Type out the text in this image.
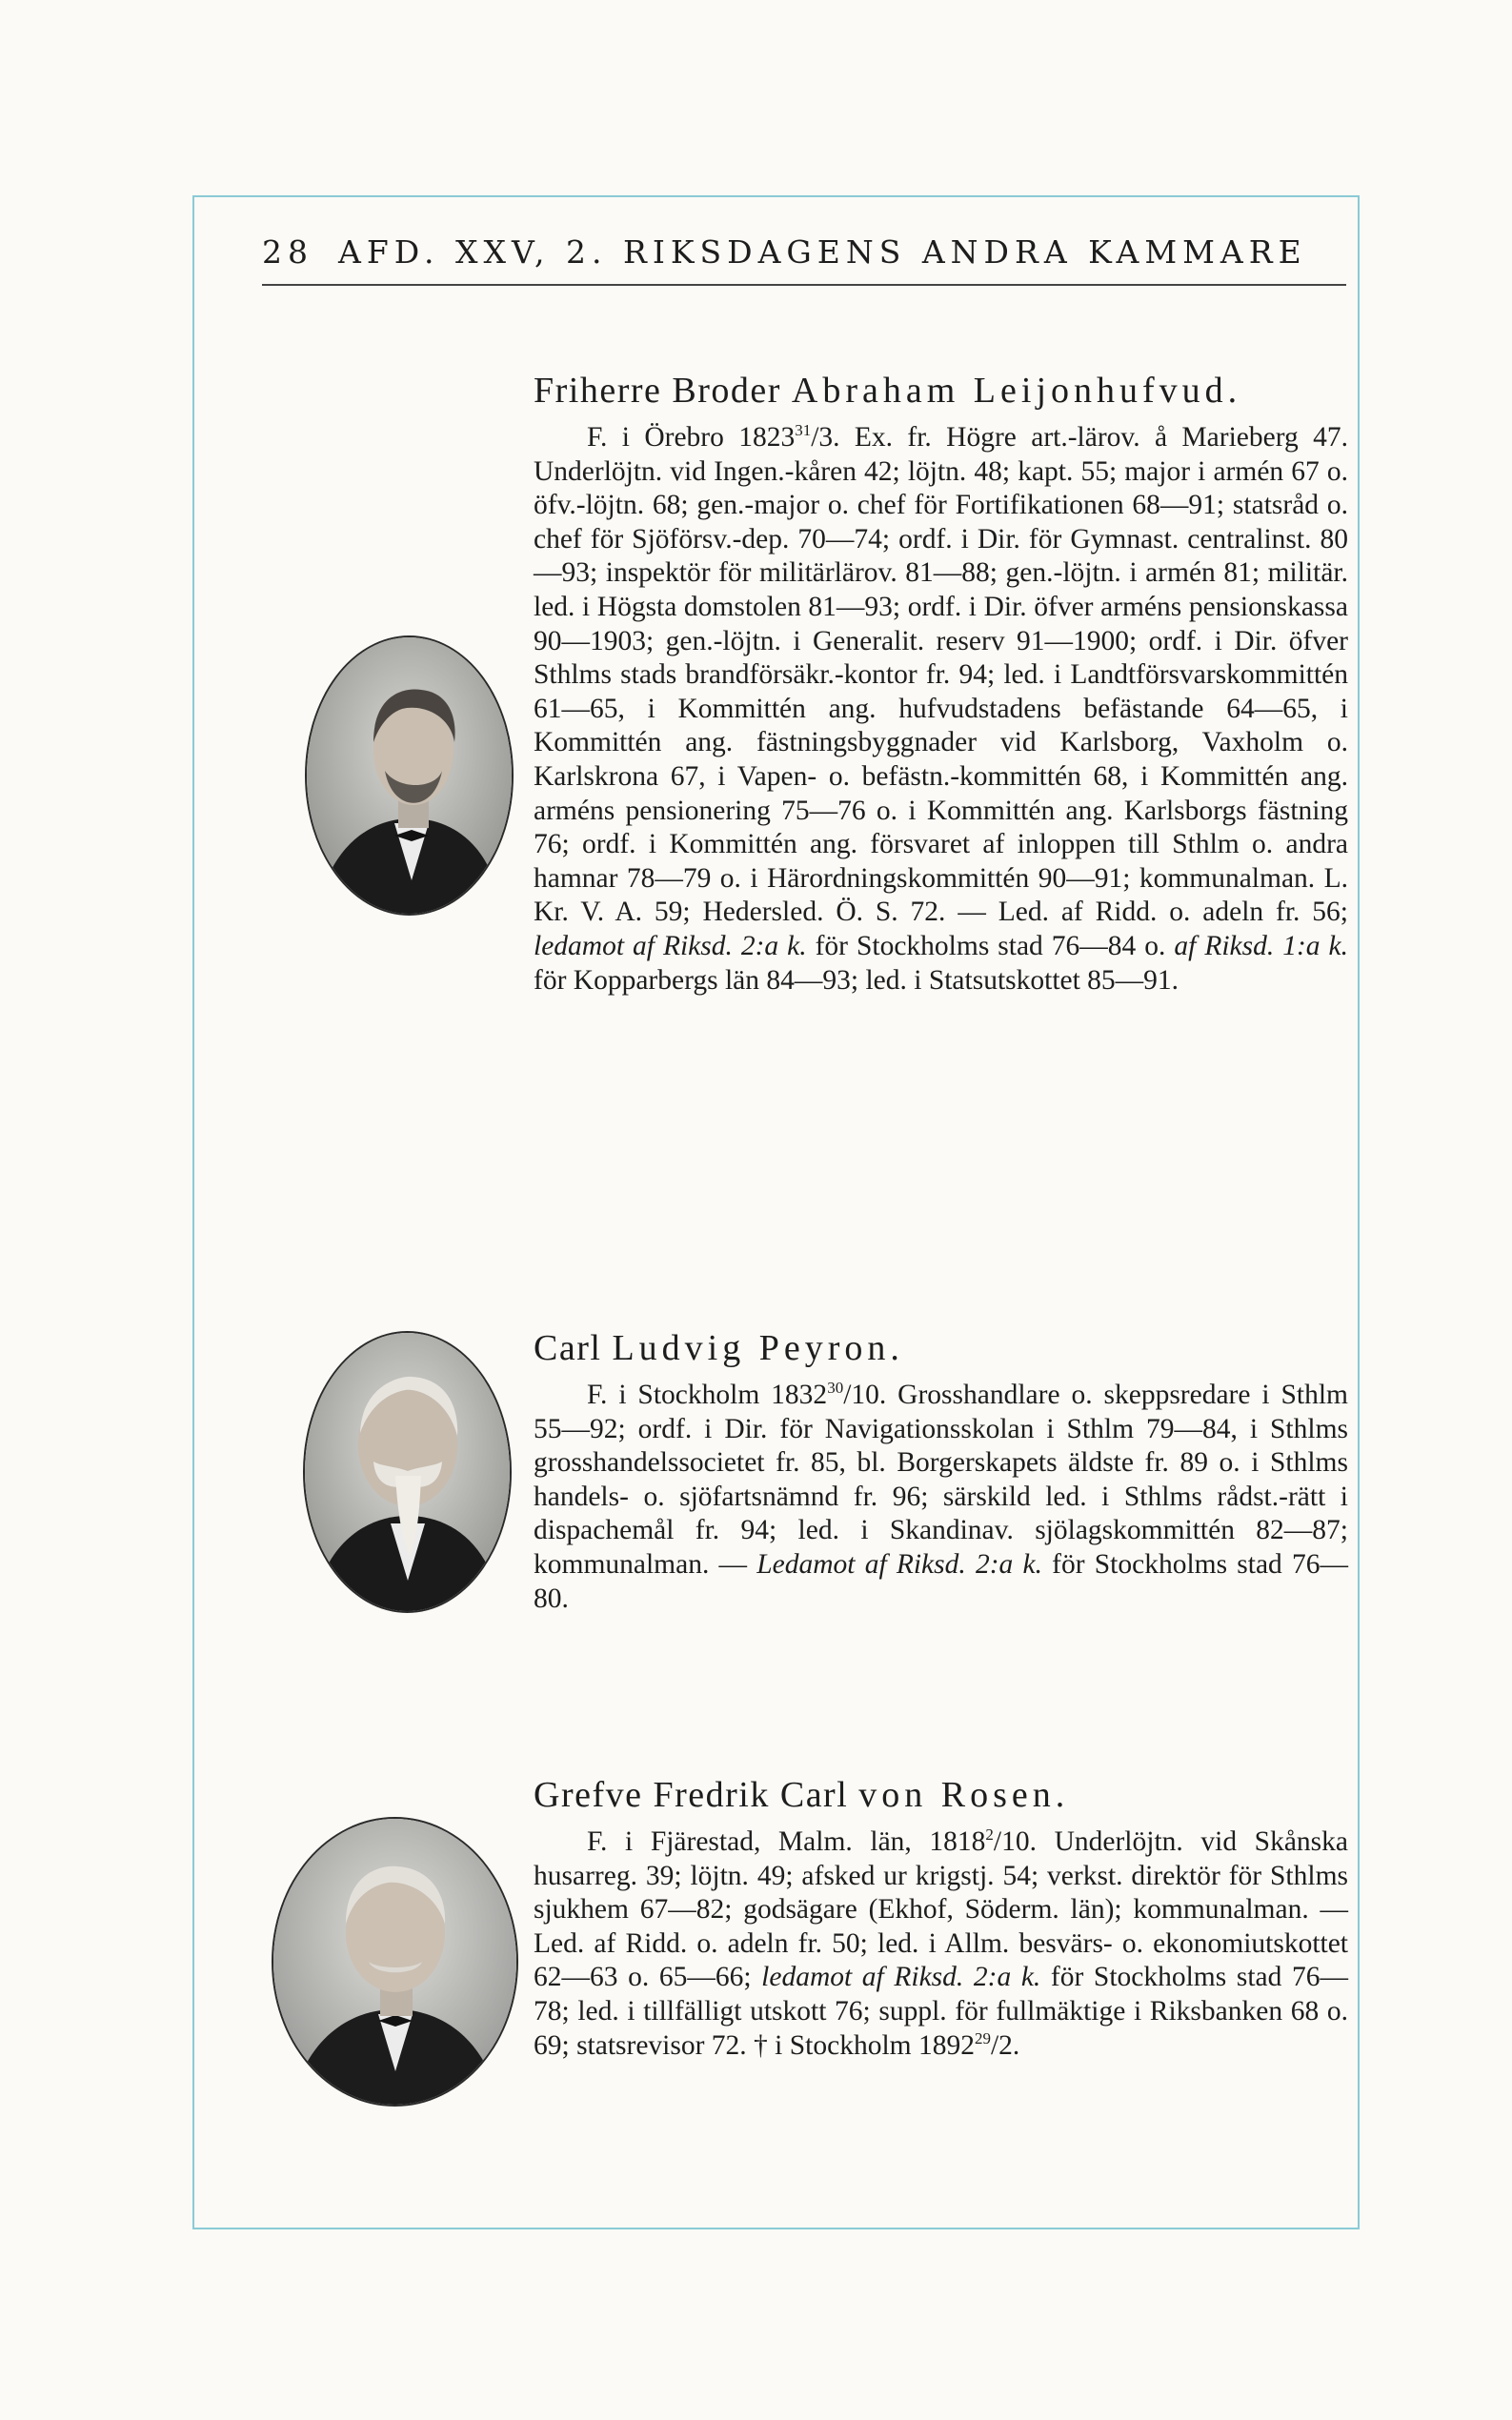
28 AFD. XXV, 2. RIKSDAGENS ANDRA KAMMARE
Friherre Broder Abraham Leijonhufvud.

F. i Örebro 1823$^{31}$/3. Ex. fr. Högre art.-lärov. å Marieberg 47. Underlöjtn. vid Ingen.-kåren 42; löjtn. 48; kapt. 55; major i armén 67 o. öfv.-löjtn. 68; gen.-major o. chef för Fortifikationen 68—91; statsråd o. chef för Sjöförsv.-dep. 70—74; ordf. i Dir. för Gymnast. centralinst. 80—93; inspektör för militärlärov. 81—88; gen.-löjtn. i armén 81; militär. led. i Högsta domstolen 81—93; ordf. i Dir. öfver arméns pensionskassa 90—1903; gen.-löjtn. i Generalit. reserv 91—1900; ordf. i Dir. öfver Sthlms stads brandförsäkr.-kontor fr. 94; led. i Landtförsvarskommittén 61—65, i Kommittén ang. hufvudstadens befästande 64—65, i Kommittén ang. fästningsbyggnader vid Karlsborg, Vaxholm o. Karlskrona 67, i Vapen- o. befästn.-kommittén 68, i Kommittén ang. arméns pensionering 75—76 o. i Kommittén ang. Karlsborgs fästning 76; ordf. i Kommittén ang. försvaret af inloppen till Sthlm o. andra hamnar 78—79 o. i Härordningskommittén 90—91; kommunalman. L. Kr. V. A. 59; Hedersled. Ö. S. 72. — Led. af Ridd. o. adeln fr. 56; ledamot af Riksd. 2:a k. för Stockholms stad 76—84 o. af Riksd. 1:a k. för Kopparbergs län 84—93; led. i Statsutskottet 85—91.

Carl Ludvig Peyron.

F. i Stockholm 1832$^{30}$/10. Grosshandlare o. skeppsredare i Sthlm 55—92; ordf. i Dir. för Navigationsskolan i Sthlm 79—84, i Sthlms grosshandelssocietet fr. 85, bl. Borgerskapets äldste fr. 89 o. i Sthlms handels- o. sjöfartsnämnd fr. 96; särskild led. i Sthlms rådst.-rätt i dispachemål fr. 94; led. i Skandinav. sjölagskommittén 82—87; kommunalman. — Ledamot af Riksd. 2:a k. för Stockholms stad 76—80.

Grefve Fredrik Carl von Rosen.

F. i Fjärestad, Malm. län, 1818$^2$/10. Underlöjtn. vid Skånska husarreg. 39; löjtn. 49; afsked ur krigstj. 54; verkst. direktör för Sthlms sjukhem 67—82; godsägare (Ekhof, Söderm. län); kommunalman. — Led. af Ridd. o. adeln fr. 50; led. i Allm. besvärs- o. ekonomiutskottet 62—63 o. 65—66; ledamot af Riksd. 2:a k. för Stockholms stad 76—78; led. i tillfälligt utskott 76; suppl. för fullmäktige i Riksbanken 68 o. 69; statsrevisor 72. † i Stockholm 1892$^{29}$/2.
